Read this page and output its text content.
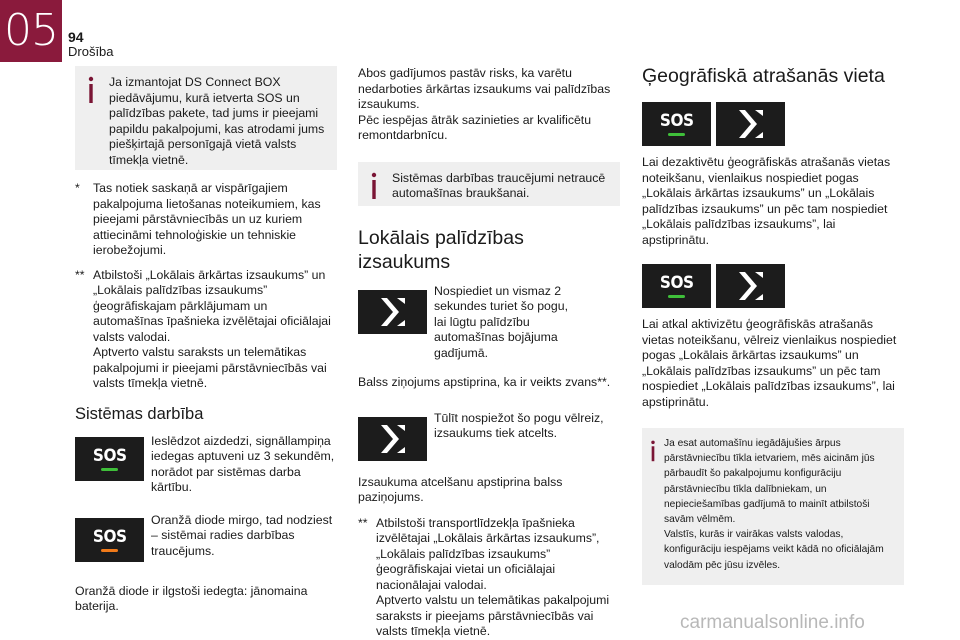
05 94
Drošība
Ja izmantojat DS Connect BOX piedāvājumu, kurā ietverta SOS un palīdzības pakete, tad jums ir pieejami papildu pakalpojumi, kas atrodami jums piešķirtajā personīgajā vietā valsts tīmekļa vietnē.
* Tas notiek saskaņā ar vispārīgajiem pakalpojuma lietošanas noteikumiem, kas pieejami pārstāvniecībās un uz kuriem attiecināmi tehnoloģiskie un tehniskie ierobežojumi.
** Atbilstoši „Lokālais ārkārtas izsaukums” un „Lokālais palīdzības izsaukums” ģeogrāfiskajam pārklājumam un automašīnas īpašnieka izvēlētajai oficiālajai valsts valodai.
Aptverto valstu saraksts un telemātikas pakalpojumi ir pieejami pārstāvniecībās vai valsts tīmekļa vietnē.
Sistēmas darbība
SOS
Ieslēdzot aizdedzi, signāllampiņa iedegas aptuveni uz 3 sekundēm, norādot par sistēmas darba kārtību.
SOS
Oranžā diode mirgo, tad nodziest – sistēmai radies darbības traucējums.
Oranžā diode ir ilgstoši iedegta: jānomaina baterija.
Abos gadījumos pastāv risks, ka varētu nedarboties ārkārtas izsaukums vai palīdzības izsaukums.
Pēc iespējas ātrāk sazinieties ar kvalificētu remontdarbnīcu.
Sistēmas darbības traucējumi netraucē automašīnas braukšanai.
Lokālais palīdzības izsaukums
Nospiediet un vismaz 2 sekundes turiet šo pogu, lai lūgtu palīdzību automašīnas bojājuma gadījumā.
Balss ziņojums apstiprina, ka ir veikts zvans**.
Tūlīt nospiežot šo pogu vēlreiz, izsaukums tiek atcelts.
Izsaukuma atcelšanu apstiprina balss paziņojums.
** Atbilstoši transportlīdzekļa īpašnieka izvēlētajai „Lokālais ārkārtas izsaukums”, „Lokālais palīdzības izsaukums” ģeogrāfiskajai vietai un oficiālajai nacionālajai valodai.
Aptverto valstu un telemātikas pakalpojumi saraksts ir pieejams pārstāvniecībās vai valsts tīmekļa vietnē.
Ģeogrāfiskā atrašanās vieta
SOS
Lai dezaktivētu ģeogrāfiskās atrašanās vietas noteikšanu, vienlaikus nospiediet pogas „Lokālais ārkārtas izsaukums” un „Lokālais palīdzības izsaukums” un pēc tam nospiediet „Lokālais palīdzības izsaukums”, lai apstiprinātu.
SOS
Lai atkal aktivizētu ģeogrāfiskās atrašanās vietas noteikšanu, vēlreiz vienlaikus nospiediet pogas „Lokālais ārkārtas izsaukums” un „Lokālais palīdzības izsaukums” un pēc tam nospiediet „Lokālais palīdzības izsaukums”, lai apstiprinātu.
Ja esat automašīnu iegādājušies ārpus pārstāvniecību tīkla ietvariem, mēs aicinām jūs pārbaudīt šo pakalpojumu konfigurāciju pārstāvniecību tīkla dalībniekam, un nepieciešamības gadījumā to mainīt atbilstoši savām vēlmēm.
Valstīs, kurās ir vairākas valsts valodas, konfigurāciju iespējams veikt kādā no oficiālajām valodām pēc jūsu izvēles.
carmanualsonline.info
